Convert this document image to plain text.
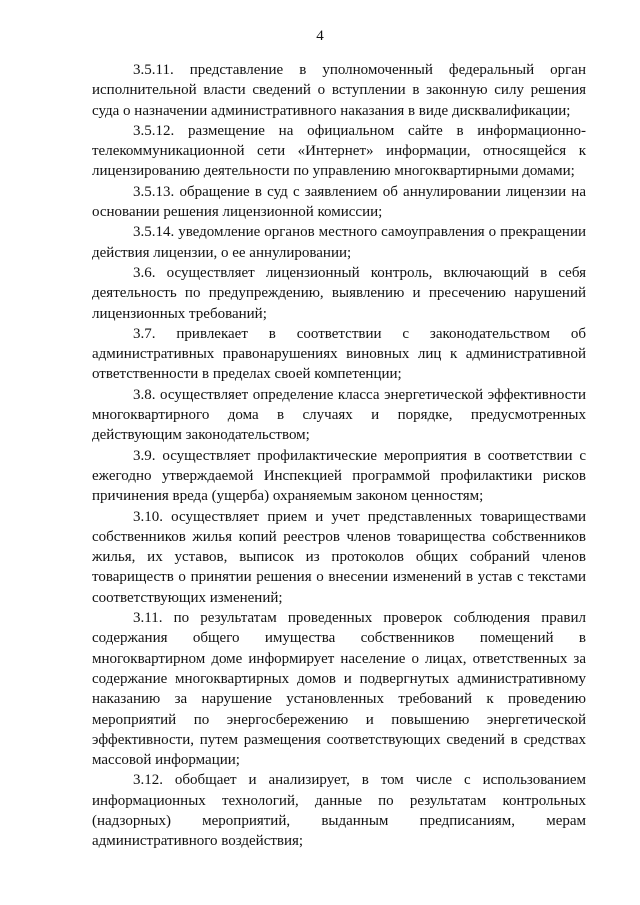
4

3.5.11. представление в уполномоченный федеральный орган исполнительной власти сведений о вступлении в законную силу решения суда о назначении административного наказания в виде дисквалификации;

3.5.12. размещение на официальном сайте в информационно-телекоммуникационной сети «Интернет» информации, относящейся к лицензированию деятельности по управлению многоквартирными домами;

3.5.13. обращение в суд с заявлением об аннулировании лицензии на основании решения лицензионной комиссии;

3.5.14. уведомление органов местного самоуправления о прекращении действия лицензии, о ее аннулировании;

3.6. осуществляет лицензионный контроль, включающий в себя деятельность по предупреждению, выявлению и пресечению нарушений лицензионных требований;

3.7. привлекает в соответствии с законодательством об административных правонарушениях виновных лиц к административной ответственности в пределах своей компетенции;

3.8. осуществляет определение класса энергетической эффективности многоквартирного дома в случаях и порядке, предусмотренных действующим законодательством;

3.9. осуществляет профилактические мероприятия в соответствии с ежегодно утверждаемой Инспекцией программой профилактики рисков причинения вреда (ущерба) охраняемым законом ценностям;

3.10. осуществляет прием и учет представленных товариществами собственников жилья копий реестров членов товарищества собственников жилья, их уставов, выписок из протоколов общих собраний членов товариществ о принятии решения о внесении изменений в устав с текстами соответствующих изменений;

3.11. по результатам проведенных проверок соблюдения правил содержания общего имущества собственников помещений в многоквартирном доме информирует население о лицах, ответственных за содержание многоквартирных домов и подвергнутых административному наказанию за нарушение установленных требований к проведению мероприятий по энергосбережению и повышению энергетической эффективности, путем размещения соответствующих сведений в средствах массовой информации;

3.12. обобщает и анализирует, в том числе с использованием информационных технологий, данные по результатам контрольных (надзорных) мероприятий, выданным предписаниям, мерам административного воздействия;
